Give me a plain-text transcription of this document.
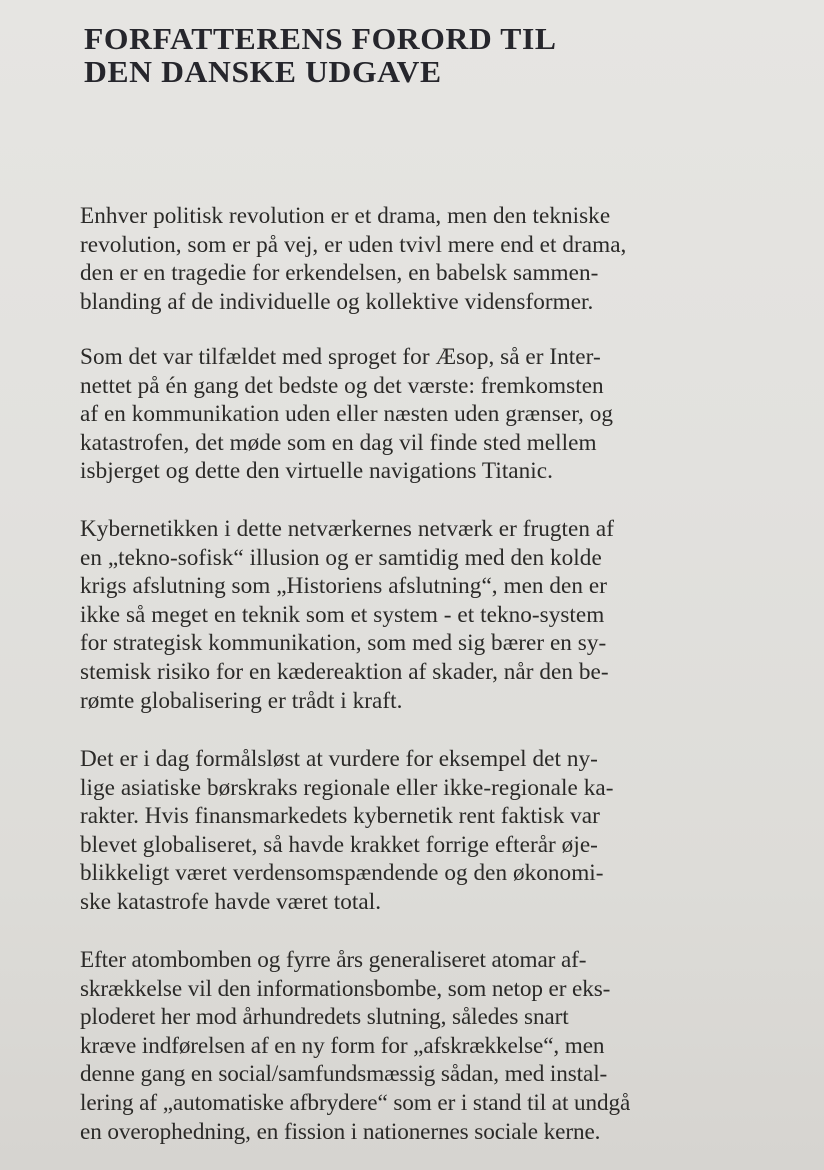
FORFATTERENS FORORD TIL
DEN DANSKE UDGAVE

Enhver politisk revolution er et drama, men den tekniske
revolution, som er på vej, er uden tvivl mere end et drama,
den er en tragedie for erkendelsen, en babelsk sammen-
blanding af de individuelle og kollektive vidensformer.

Som det var tilfældet med sproget for Æsop, så er Inter-
nettet på én gang det bedste og det værste: fremkomsten
af en kommunikation uden eller næsten uden grænser, og
katastrofen, det møde som en dag vil finde sted mellem
isbjerget og dette den virtuelle navigations Titanic.

Kybernetikken i dette netværkernes netværk er frugten af
en „tekno-sofisk“ illusion og er samtidig med den kolde
krigs afslutning som „Historiens afslutning“, men den er
ikke så meget en teknik som et system - et tekno-system
for strategisk kommunikation, som med sig bærer en sy-
stemisk risiko for en kædereaktion af skader, når den be-
rømte globalisering er trådt i kraft.

Det er i dag formålsløst at vurdere for eksempel det ny-
lige asiatiske børskraks regionale eller ikke-regionale ka-
rakter. Hvis finansmarkedets kybernetik rent faktisk var
blevet globaliseret, så havde krakket forrige efterår øje-
blikkeligt været verdensomspændende og den økonomi-
ske katastrofe havde været total.

Efter atombomben og fyrre års generaliseret atomar af-
skrækkelse vil den informationsbombe, som netop er eks-
ploderet her mod århundredets slutning, således snart
kræve indførelsen af en ny form for „afskrækkelse“, men
denne gang en social/samfundsmæssig sådan, med instal-
lering af „automatiske afbrydere“ som er i stand til at undgå
en overophedning, en fission i nationernes sociale kerne.
